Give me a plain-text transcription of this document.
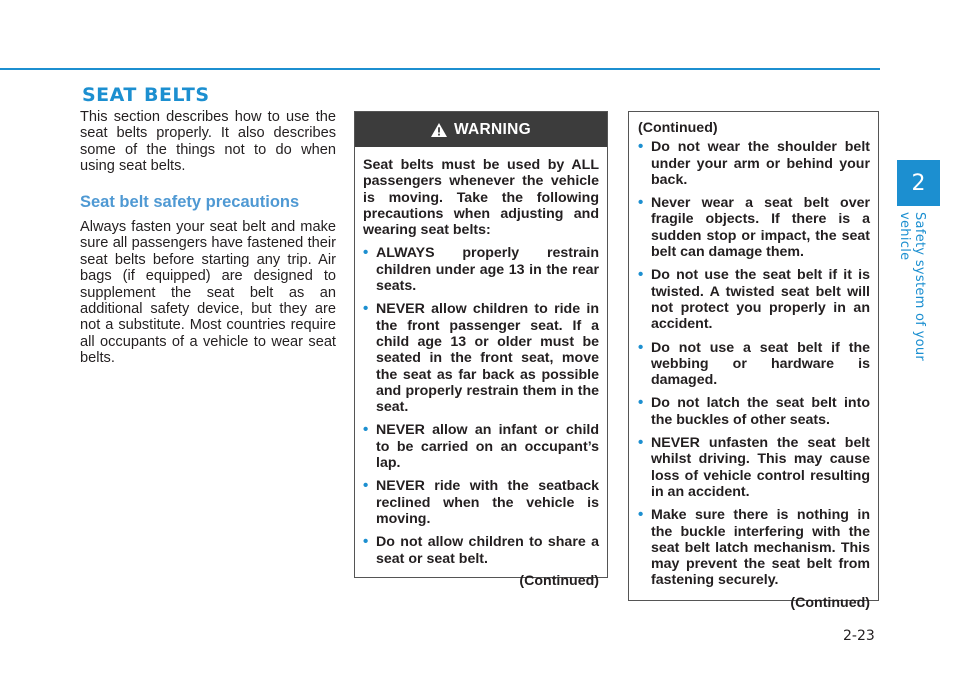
SEAT BELTS

This section describes how to use the seat belts properly. It also describes some of the things not to do when using seat belts.

Seat belt safety precautions

Always fasten your seat belt and make sure all passengers have fastened their seat belts before starting any trip. Air bags (if equipped) are designed to supplement the seat belt as an additional safety device, but they are not a substitute. Most countries require all occupants of a vehicle to wear seat belts.

WARNING

Seat belts must be used by ALL passengers whenever the vehicle is moving. Take the following precautions when adjusting and wearing seat belts:

• ALWAYS properly restrain children under age 13 in the rear seats.
• NEVER allow children to ride in the front passenger seat. If a child age 13 or older must be seated in the front seat, move the seat as far back as possible and properly restrain them in the seat.
• NEVER allow an infant or child to be carried on an occupant’s lap.
• NEVER ride with the seatback reclined when the vehicle is moving.
• Do not allow children to share a seat or seat belt.

(Continued)

(Continued)

• Do not wear the shoulder belt under your arm or behind your back.
• Never wear a seat belt over fragile objects. If there is a sudden stop or impact, the seat belt can damage them.
• Do not use the seat belt if it is twisted. A twisted seat belt will not protect you properly in an accident.
• Do not use a seat belt if the webbing or hardware is damaged.
• Do not latch the seat belt into the buckles of other seats.
• NEVER unfasten the seat belt whilst driving. This may cause loss of vehicle control resulting in an accident.
• Make sure there is nothing in the buckle interfering with the seat belt latch mechanism. This may prevent the seat belt from fastening securely.

(Continued)

2
Safety system of your vehicle
2-23
